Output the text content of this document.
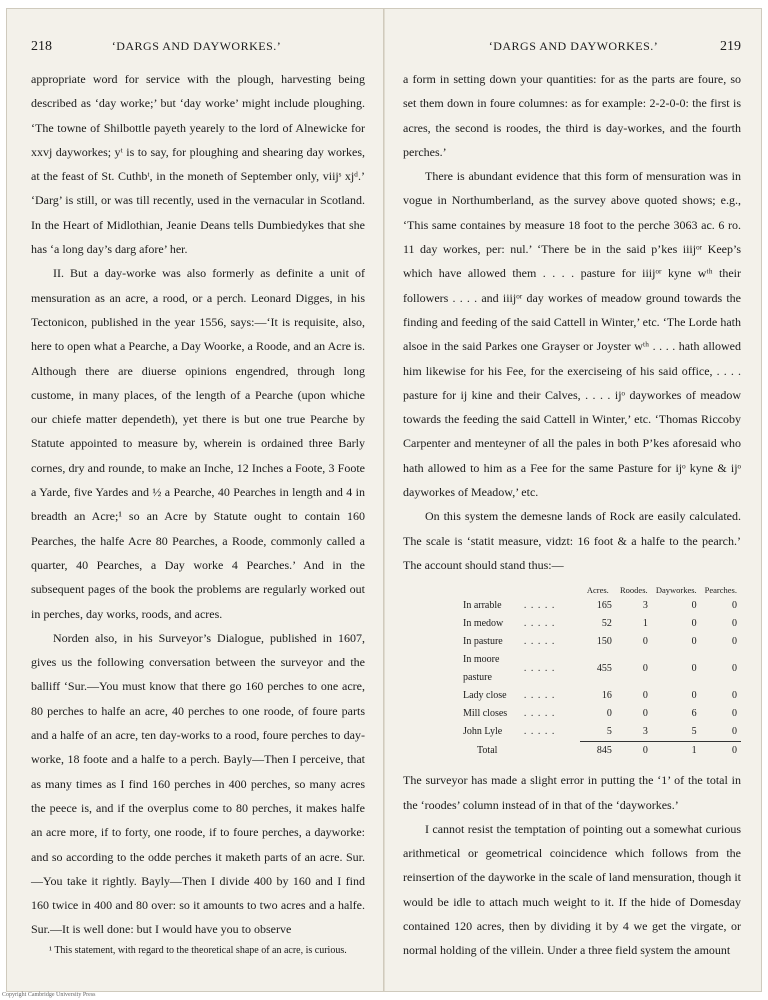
218	‘DARGS AND DAYWORKES.’

appropriate word for service with the plough, harvesting being described as ‘day worke;’ but ‘day worke’ might include ploughing. ‘The towne of Shilbottle payeth yearely to the lord of Alnewicke for xxvj dayworkes; yᵗ is to say, for ploughing and shearing day workes, at the feast of St. Cuthbᵗ, in the moneth of September only, viijˢ xjᵈ.’ ‘Darg’ is still, or was till recently, used in the vernacular in Scotland. In the Heart of Midlothian, Jeanie Deans tells Dumbiedykes that she has ‘a long day’s darg afore’ her.

II. But a day-worke was also formerly as definite a unit of mensuration as an acre, a rood, or a perch. Leonard Digges, in his Tectonicon, published in the year 1556, says:—‘It is requisite, also, here to open what a Pearche, a Day Woorke, a Roode, and an Acre is. Although there are diuerse opinions engendred, through long custome, in many places, of the length of a Pearche (upon whiche our chiefe matter dependeth), yet there is but one true Pearche by Statute appointed to measure by, wherein is ordained three Barly cornes, dry and rounde, to make an Inche, 12 Inches a Foote, 3 Foote a Yarde, five Yardes and ½ a Pearche, 40 Pearches in length and 4 in breadth an Acre;¹ so an Acre by Statute ought to contain 160 Pearches, the halfe Acre 80 Pearches, a Roode, commonly called a quarter, 40 Pearches, a Day worke 4 Pearches.’ And in the subsequent pages of the book the problems are regularly worked out in perches, day works, roods, and acres.

Norden also, in his Surveyor’s Dialogue, published in 1607, gives us the following conversation between the surveyor and the balliff ‘Sur.—You must know that there go 160 perches to one acre, 80 perches to halfe an acre, 40 perches to one roode, of foure parts and a halfe of an acre, ten day-works to a rood, foure perches to day-worke, 18 foote and a halfe to a perch. Bayly—Then I perceive, that as many times as I find 160 perches in 400 perches, so many acres the peece is, and if the overplus come to 80 perches, it makes halfe an acre more, if to forty, one roode, if to foure perches, a dayworke: and so according to the odde perches it maketh parts of an acre. Sur.—You take it rightly. Bayly—Then I divide 400 by 160 and I find 160 twice in 400 and 80 over: so it amounts to two acres and a halfe. Sur.—It is well done: but I would have you to observe

¹ This statement, with regard to the theoretical shape of an acre, is curious.
‘DARGS AND DAYWORKES.’	219

a form in setting down your quantities: for as the parts are foure, so set them down in foure columnes: as for example: 2-2-0-0: the first is acres, the second is roodes, the third is day-workes, and the fourth perches.’

There is abundant evidence that this form of mensuration was in vogue in Northumberland, as the survey above quoted shows; e.g., ‘This same containes by measure 18 foot to the perche 3063 ac. 6 ro. 11 day workes, per: nul.’ ‘There be in the said p’kes iiijᵒʳ Keep’s which have allowed them . . . . pasture for iiijᵒʳ kyne wᵗʰ their followers . . . . and iiijᵒʳ day workes of meadow ground towards the finding and feeding of the said Cattell in Winter,’ etc. ‘The Lorde hath alsoe in the said Parkes one Grayser or Joyster wᵗʰ . . . . hath allowed him likewise for his Fee, for the exerciseing of his said office, . . . . pasture for ij kine and their Calves, . . . . ijᵒ dayworkes of meadow towards the feeding the said Cattell in Winter,’ etc. ‘Thomas Riccoby Carpenter and menteyner of all the pales in both P’kes aforesaid who hath allowed to him as a Fee for the same Pasture for ijᵒ kyne & ijᵒ dayworkes of Meadow,’ etc.

On this system the demesne lands of Rock are easily calculated. The scale is ‘statit measure, vidzt: 16 foot & a halfe to the pearch.’ The account should stand thus:—

		Acres.	Roodes.	Dayworkes.	Pearches.
In arrable	. . . . .	165	3	0	0
In medow	. . . . .	52	1	0	0
In pasture	. . . . .	150	0	0	0
In moore pasture	. . . . .	455	0	0	0
Lady close	. . . . .	16	0	0	0
Mill closes	. . . . .	0	0	6	0
John Lyle	. . . . .	5	3	5	0
Total		845	0	1	0

The surveyor has made a slight error in putting the ‘1’ of the total in the ‘roodes’ column instead of in that of the ‘dayworkes.’

I cannot resist the temptation of pointing out a somewhat curious arithmetical or geometrical coincidence which follows from the reinsertion of the dayworke in the scale of land mensuration, though it would be idle to attach much weight to it. If the hide of Domesday contained 120 acres, then by dividing it by 4 we get the virgate, or normal holding of the villein. Under a three field system the amount

Copyright Cambridge University Press
